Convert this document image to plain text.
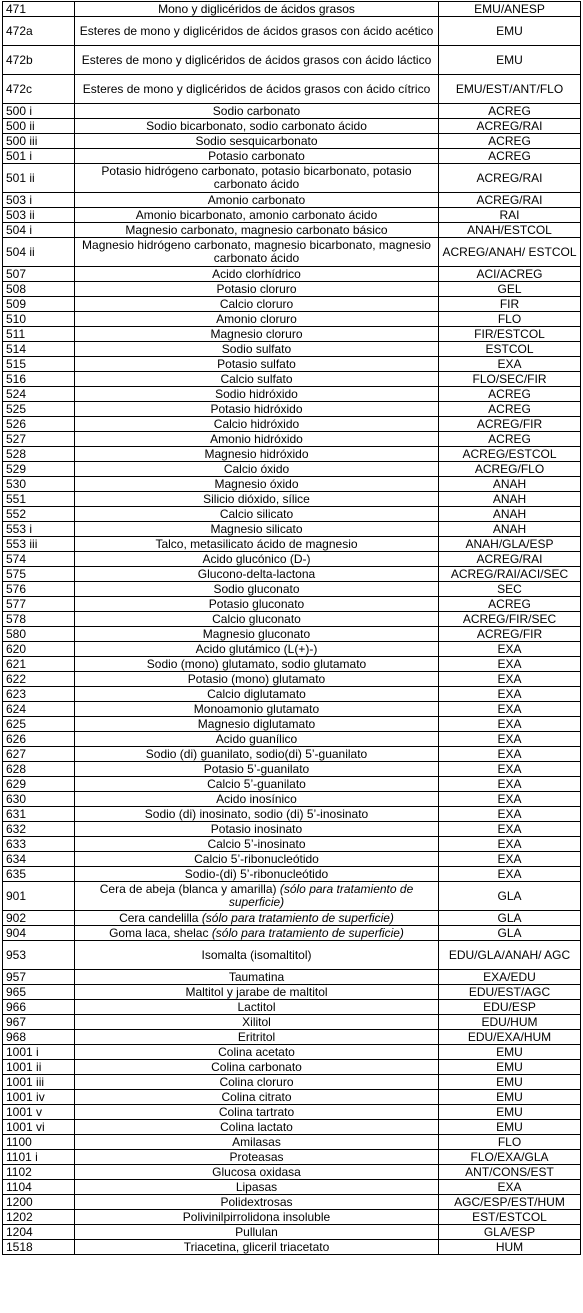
471	Mono y diglicéridos de ácidos grasos	EMU/ANESP
472a	Esteres de mono y diglicéridos de ácidos grasos con ácido acético	EMU
472b	Esteres de mono y diglicéridos de ácidos grasos con ácido láctico	EMU
472c	Esteres de mono y diglicéridos de ácidos grasos con ácido cítrico	EMU/EST/ANT/FLO
500 i	Sodio carbonato	ACREG
500 ii	Sodio bicarbonato, sodio carbonato ácido	ACREG/RAI
500 iii	Sodio sesquicarbonato	ACREG
501 i	Potasio carbonato	ACREG
501 ii	Potasio hidrógeno carbonato, potasio bicarbonato, potasio carbonato ácido	ACREG/RAI
503 i	Amonio carbonato	ACREG/RAI
503 ii	Amonio bicarbonato, amonio carbonato ácido	RAI
504 i	Magnesio carbonato, magnesio carbonato básico	ANAH/ESTCOL
504 ii	Magnesio hidrógeno carbonato, magnesio bicarbonato, magnesio carbonato ácido	ACREG/ANAH/ ESTCOL
507	Acido clorhídrico	ACI/ACREG
508	Potasio cloruro	GEL
509	Calcio cloruro	FIR
510	Amonio cloruro	FLO
511	Magnesio cloruro	FIR/ESTCOL
514	Sodio sulfato	ESTCOL
515	Potasio sulfato	EXA
516	Calcio sulfato	FLO/SEC/FIR
524	Sodio hidróxido	ACREG
525	Potasio hidróxido	ACREG
526	Calcio hidróxido	ACREG/FIR
527	Amonio hidróxido	ACREG
528	Magnesio hidróxido	ACREG/ESTCOL
529	Calcio óxido	ACREG/FLO
530	Magnesio óxido	ANAH
551	Silicio dióxido, sílice	ANAH
552	Calcio silicato	ANAH
553 i	Magnesio silicato	ANAH
553 iii	Talco, metasilicato ácido de magnesio	ANAH/GLA/ESP
574	Acido glucónico (D-)	ACREG/RAI
575	Glucono-delta-lactona	ACREG/RAI/ACI/SEC
576	Sodio gluconato	SEC
577	Potasio gluconato	ACREG
578	Calcio gluconato	ACREG/FIR/SEC
580	Magnesio gluconato	ACREG/FIR
620	Acido glutámico (L(+)-)	EXA
621	Sodio (mono) glutamato, sodio glutamato	EXA
622	Potasio (mono) glutamato	EXA
623	Calcio diglutamato	EXA
624	Monoamonio glutamato	EXA
625	Magnesio diglutamato	EXA
626	Acido guanílico	EXA
627	Sodio (di) guanilato, sodio(di) 5’-guanilato	EXA
628	Potasio 5’-guanilato	EXA
629	Calcio 5’-guanilato	EXA
630	Acido inosínico	EXA
631	Sodio (di) inosinato, sodio (di) 5’-inosinato	EXA
632	Potasio inosinato	EXA
633	Calcio 5’-inosinato	EXA
634	Calcio 5’-ribonucleótido	EXA
635	Sodio-(di) 5’-ribonucleótido	EXA
901	Cera de abeja (blanca y amarilla) (sólo para tratamiento de superficie)	GLA
902	Cera candelilla (sólo para tratamiento de superficie)	GLA
904	Goma laca, shelac (sólo para tratamiento de superficie)	GLA
953	Isomalta (isomaltitol)	EDU/GLA/ANAH/ AGC
957	Taumatina	EXA/EDU
965	Maltitol y jarabe de maltitol	EDU/EST/AGC
966	Lactitol	EDU/ESP
967	Xilitol	EDU/HUM
968	Eritritol	EDU/EXA/HUM
1001 i	Colina acetato	EMU
1001 ii	Colina carbonato	EMU
1001 iii	Colina cloruro	EMU
1001 iv	Colina citrato	EMU
1001 v	Colina tartrato	EMU
1001 vi	Colina lactato	EMU
1100	Amilasas	FLO
1101 i	Proteasas	FLO/EXA/GLA
1102	Glucosa oxidasa	ANT/CONS/EST
1104	Lipasas	EXA
1200	Polidextrosas	AGC/ESP/EST/HUM
1202	Polivinilpirrolidona insoluble	EST/ESTCOL
1204	Pullulan	GLA/ESP
1518	Triacetina, gliceril triacetato	HUM
